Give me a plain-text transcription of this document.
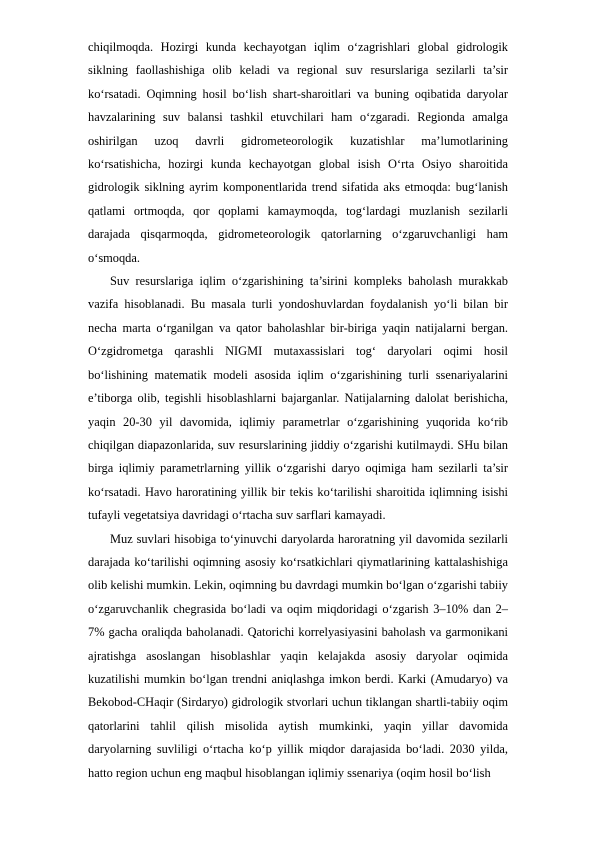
chiqilmoqda. Hozirgi kunda kechayotgan iqlim o‘zagrishlari global gidrologik siklning faollashishiga olib keladi va regional suv resurslariga sezilarli ta’sir ko‘rsatadi. Oqimning hosil bo‘lish shart-sharoitlari va buning oqibatida daryolar havzalarining suv balansi tashkil etuvchilari ham o‘zgaradi. Regionda amalga oshirilgan uzoq davrli gidrometeorologik kuzatishlar ma’lumotlarining ko‘rsatishicha, hozirgi kunda kechayotgan global isish O‘rta Osiyo sharoitida gidrologik siklning ayrim komponentlarida trend sifatida aks etmoqda: bug‘lanish qatlami ortmoqda, qor qoplami kamaymoqda, tog‘lardagi muzlanish sezilarli darajada qisqarmoqda, gidrometeorologik qatorlarning o‘zgaruvchanligi ham o‘smoqda.

Suv resurslariga iqlim o‘zgarishining ta’sirini kompleks baholash murakkab vazifa hisoblanadi. Bu masala turli yondoshuvlardan foydalanish yo‘li bilan bir necha marta o‘rganilgan va qator baholashlar bir-biriga yaqin natijalarni bergan. O‘zgidrometga qarashli NIGMI mutaxassislari tog‘ daryolari oqimi hosil bo‘lishining matematik modeli asosida iqlim o‘zgarishining turli ssenariyalarini e’tiborga olib, tegishli hisoblashlarni bajarganlar. Natijalarning dalolat berishicha, yaqin 20-30 yil davomida, iqlimiy parametrlar o‘zgarishining yuqorida ko‘rib chiqilgan diapazonlarida, suv resurslarining jiddiy o‘zgarishi kutilmaydi. SHu bilan birga iqlimiy parametrlarning yillik o‘zgarishi daryo oqimiga ham sezilarli ta’sir ko‘rsatadi. Havo haroratining yillik bir tekis ko‘tarilishi sharoitida iqlimning isishi tufayli vegetatsiya davridagi o‘rtacha suv sarflari kamayadi.

Muz suvlari hisobiga to‘yinuvchi daryolarda haroratning yil davomida sezilarli darajada ko‘tarilishi oqimning asosiy ko‘rsatkichlari qiymatlarining kattalashishiga olib kelishi mumkin. Lekin, oqimning bu davrdagi mumkin bo‘lgan o‘zgarishi tabiiy o‘zgaruvchanlik chegrasida bo‘ladi va oqim miqdoridagi o‘zgarish 3–10% dan 2–7% gacha oraliqda baholanadi. Qatorichi korrelyasiyasini baholash va garmonikani ajratishga asoslangan hisoblashlar yaqin kelajakda asosiy daryolar oqimida kuzatilishi mumkin bo‘lgan trendni aniqlashga imkon berdi. Karki (Amudaryo) va Bekobod-CHaqir (Sirdaryo) gidrologik stvorlari uchun tiklangan shartli-tabiiy oqim qatorlarini tahlil qilish misolida aytish mumkinki, yaqin yillar davomida daryolarning suvliligi o‘rtacha ko‘p yillik miqdor darajasida bo‘ladi. 2030 yilda, hatto region uchun eng maqbul hisoblangan iqlimiy ssenariya (oqim hosil bo‘lish
